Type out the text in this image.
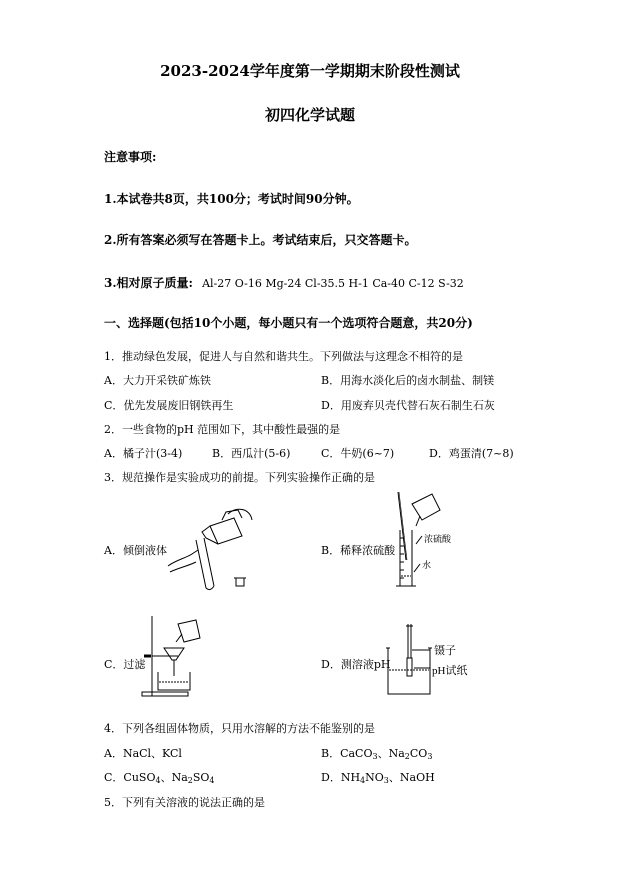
2023-2024学年度第一学期期末阶段性测试
初四化学试题
注意事项:
1.本试卷共8页，共100分；考试时间90分钟。
2.所有答案必须写在答题卡上。考试结束后，只交答题卡。
3.相对原子质量: Al-27 O-16 Mg-24 Cl-35.5 H-1 Ca-40 C-12 S-32
一、选择题(包括10个小题，每小题只有一个选项符合题意，共20分)
1．推动绿色发展，促进人与自然和谐共生。下列做法与这理念不相符的是
A．大力开采铁矿炼铁	B．用海水淡化后的卤水制盐、制镁
C．优先发展废旧钢铁再生	D．用废弃贝壳代替石灰石制生石灰
2．一些食物的pH 范围如下，其中酸性最强的是
A．橘子汁(3-4)	B．西瓜汁(5-6)	C．牛奶(6~7)	D．鸡蛋清(7~8)
3．规范操作是实验成功的前提。下列实验操作正确的是
A．倾倒液体	B．稀释浓硫酸
C．过滤	D．测溶液pH
浓硫酸
水
镊子
pH试纸
4．下列各组固体物质，只用水溶解的方法不能鉴别的是
A．NaCl、KCl	B．CaCO$_3$、$Na_2CO_3$
C．CuSO$_4$、$Na_2SO_4$	D．$NH_4NO_3$、NaOH
5．下列有关溶液的说法正确的是
